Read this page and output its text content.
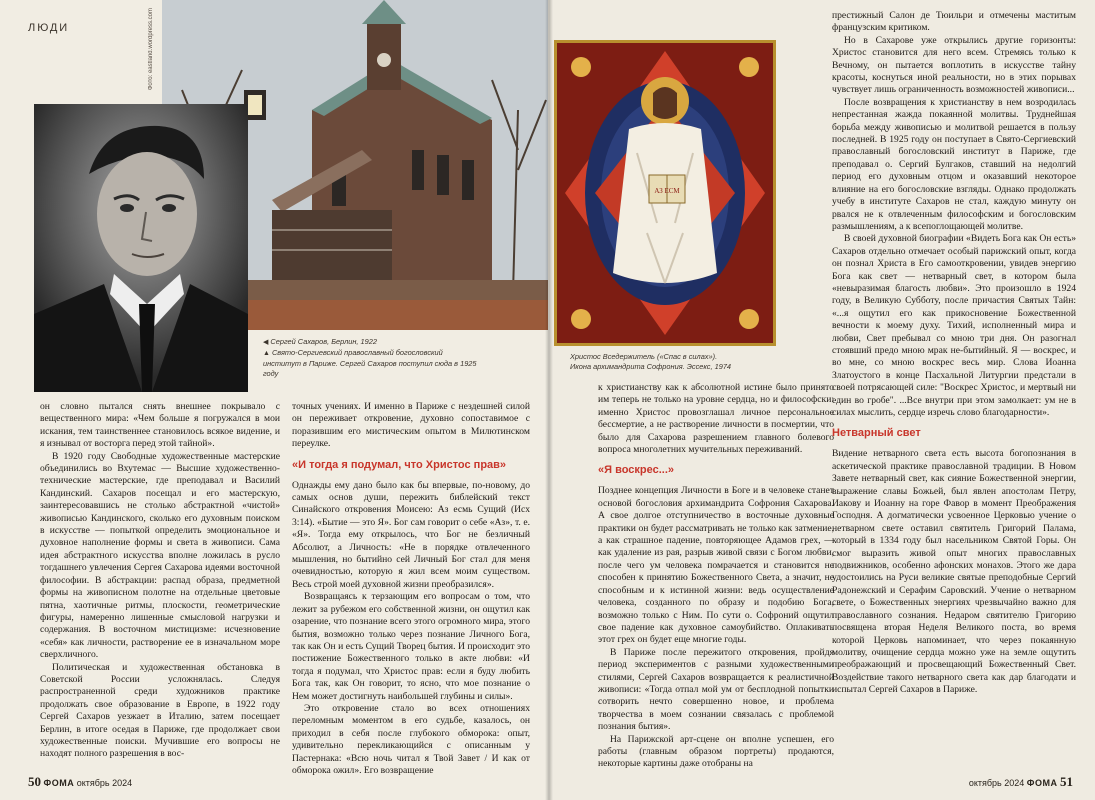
ЛЮДИ	Фото: eastland.wordpress.com
◀ Сергей Сахаров, Берлин, 1922
▲ Свято-Сергиевский православный богословский институт в Париже. Сергей Сахаров поступил сюда в 1925 году

он словно пытался снять внешнее покрывало с вещественного мира: «Чем больше я погружался в мои искания, тем таинственнее становилось всякое видение, и я изнывал от восторга перед этой тайной».

В 1920 году Свободные художественные мастерские объединились во Вхутемас — Высшие художественно-технические мастерские, где преподавал и Василий Кандинский. Сахаров посещал и его мастерскую, заинтересовавшись не столько абстрактной «чистой» живописью Кандинского, сколько его духовным поиском в искусстве — попыткой определить эмоциональное и духовное наполнение формы и света в живописи. Сама идея абстрактного искусства вполне ложилась в русло тогдашнего увлечения Сергея Сахарова идеями восточной философии. В абстракции: распад образа, предметной формы на живописном полотне на отдельные цветовые пятна, хаотичные ритмы, плоскости, геометрические фигуры, намеренно лишенные смысловой нагрузки и содержания. В восточном мистицизме: исчезновение «себя» как личности, растворение ее в изначальном море сверхличного.

Политическая и художественная обстановка в Советской России усложнялась. Следуя распространенной среди художников практике продолжать свое образование в Европе, в 1922 году Сергей Сахаров уезжает в Италию, затем посещает Берлин, в итоге оседая в Париже, где продолжает свои художественные поиски. Мучившие его вопросы не находят полного разрешения в вос-

точных учениях. И именно в Париже с нездешней силой он переживает откровение, духовно сопоставимое с поразившим его мистическим опытом в Милютинском переулке.

«И тогда я подумал, что Христос прав»

Однажды ему дано было как бы впервые, по-новому, до самых основ души, пережить библейский текст Синайского откровения Моисею: Аз есмь Сущий (Исх 3:14). «Бытие — это Я». Бог сам говорит о себе «Аз», т. е. «Я». Тогда ему открылось, что Бог не безличный Абсолют, а Личность: «Не в порядке отвлеченного мышления, но бытийно сей Личный Бог стал для меня очевидностью, которую я жил всем моим существом. Весь строй моей духовной жизни преобразился».

Возвращаясь к терзающим его вопросам о том, что лежит за рубежом его собственной жизни, он ощутил как озарение, что познание всего этого огромного мира, этого бытия, возможно только через познание Личного Бога, так как Он и есть Сущий Творец бытия. И происходит это постижение Божественного только в акте любви: «И тогда я подумал, что Христос прав: если я буду любить Бога так, как Он говорит, то ясно, что мое познание о Нем может достигнуть наибольшей глубины и силы».

Это откровение стало во всех отношениях переломным моментом в его судьбе, казалось, он приходил в себя после глубокого обморока: опыт, удивительно перекликающийся с описанным у Пастернака: «Всю ночь читал я Твой Завет / И как от обморока ожил». Его возвращение

50 ФОМА октябрь 2024
АЗ ЕСМ
Христос Вседержитель («Спас в силах»).
Икона архимандрита Софрония. Эссекс, 1974

к христианству как к абсолютной истине было принято им теперь не только на уровне сердца, но и философски: именно Христос провозглашал личное персональное бессмертие, а не растворение личности в посмертии, что было для Сахарова разрешением главного болевого вопроса многолетних мучительных переживаний.

«Я воскрес...»

Позднее концепция Личности в Боге и в человеке станет основой богословия архимандрита Софрония Сахарова. А свое долгое отступничество в восточные духовные практики он будет рассматривать не только как затмение, а как страшное падение, повторяющее Адамов грех, — как удаление из рая, разрыв живой связи с Богом любви, после чего ум человека помрачается и становится не способен к принятию Божественного Света, а значит, не способным и к истинной жизни: ведь осуществление человека, созданного по образу и подобию Бога, возможно только с Ним. По сути о. Софроний ощутил свое падение как духовное самоубийство. Оплакивать этот грех он будет еще многие годы.

В Париже после пережитого откровения, пройдя период экспериментов с разными художественными стилями, Сергей Сахаров возвращается к реалистичной живописи: «Тогда отпал мой ум от бесплодной попытки сотворить нечто совершенно новое, и проблема творчества в моем сознании связалась с проблемой познания бытия».

На Парижской арт-сцене он вполне успешен, его работы (главным образом портреты) продаются, некоторые картины даже отобраны на

престижный Салон де Тюильри и отмечены маститым французским критиком.

Но в Сахарове уже открылись другие горизонты: Христос становится для него всем. Стремясь только к Вечному, он пытается воплотить в искусстве тайну красоты, коснуться иной реальности, но в этих порывах чувствует лишь ограниченность возможностей живописи...

После возвращения к христианству в нем возродилась непрестанная жажда покаянной молитвы. Труднейшая борьба между живописью и молитвой решается в пользу последней. В 1925 году он поступает в Свято-Сергиевский православный богословский институт в Париже, где преподавал о. Сергий Булгаков, ставший на недолгий период его духовным отцом и оказавший некоторое влияние на его богословские взгляды. Однако продолжать учебу в институте Сахаров не стал, каждую минуту он рвался не к отвлеченным философским и богословским размышлениям, а к всепоглощающей молитве.

В своей духовной биографии «Видеть Бога как Он есть» Сахаров отдельно отмечает особый парижский опыт, когда он познал Христа в Его самооткровении, увидев энергию Бога как свет — нетварный свет, в котором была «невыразимая благость любви». Это произошло в 1924 году, в Великую Субботу, после причастия Святых Тайн: «...я ощутил его как прикосновение Божественной вечности к моему духу. Тихий, исполненный мира и любви, Свет пребывал со мною три дня. Он разогнал стоявший предо мною мрак не-бытийный. Я — воскрес, и во мне, со мною воскрес весь мир. Слова Иоанна Златоустого в конце Пасхальной Литургии предстали в своей потрясающей силе: "Воскрес Христос, и мертвый ни един во гробе". ...Все внутри при этом замолкает: ум не в силах мыслить, сердце изречь слово благодарности».

Нетварный свет

Видение нетварного света есть высота богопознания в аскетической практике православной традиции. В Новом Завете нетварный свет, как сияние Божественной энергии, выражение славы Божьей, был явлен апостолам Петру, Иакову и Иоанну на горе Фавор в момент Преображения Господня. А догматически усвоенное Церковью учение о нетварном свете оставил святитель Григорий Палама, который в 1334 году был насельником Святой Горы. Он смог выразить живой опыт многих православных подвижников, особенно афонских монахов. Этого же дара удостоились на Руси великие святые преподобные Сергий Радонежский и Серафим Саровский. Учение о нетварном свете, о Божественных энергиях чрезвычайно важно для православного сознания. Недаром святителю Григорию посвящена вторая Неделя Великого поста, во время которой Церковь напоминает, что через покаянную молитву, очищение сердца можно уже на земле ощутить преображающий и просвещающий Божественный Свет. Воздействие такого нетварного света как дар благодати и испытал Сергей Сахаров в Париже.

октябрь 2024 ФОМА 51
